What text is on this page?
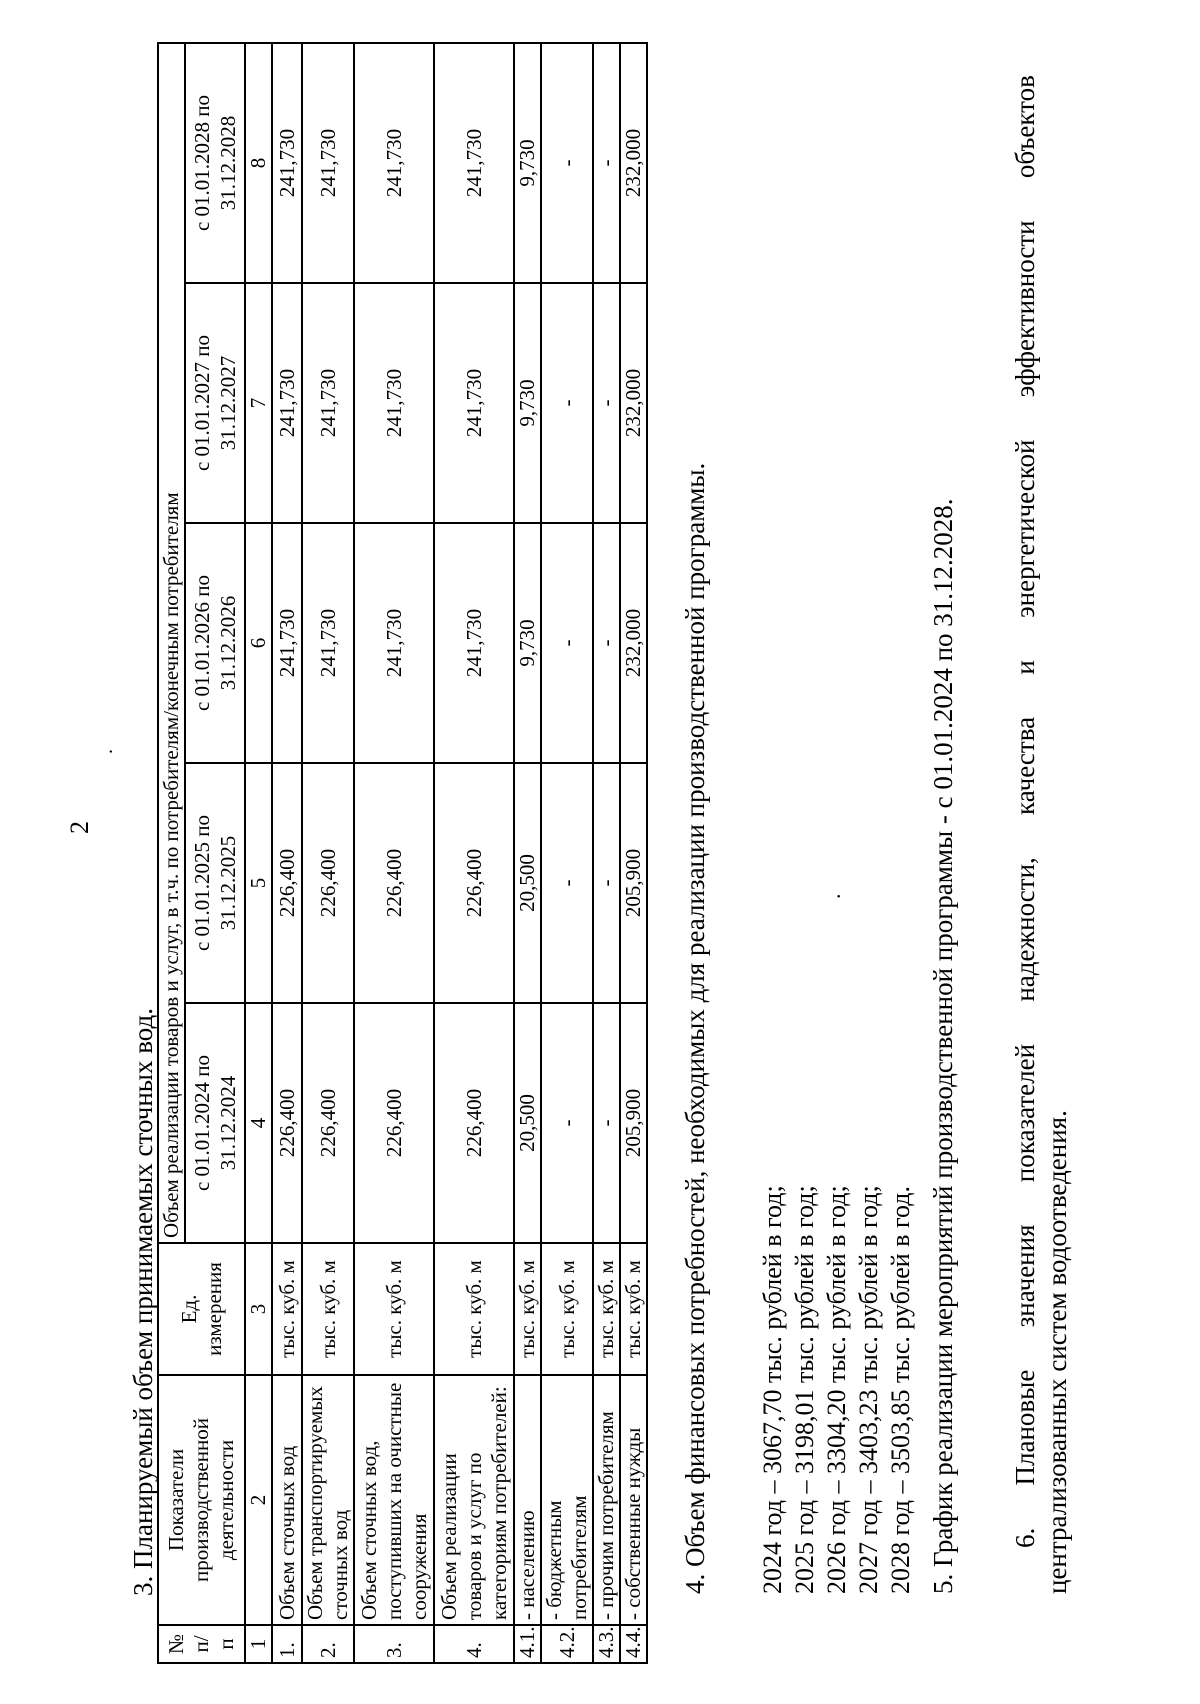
2
.
3. Планируемый объем принимаемых сточных вод.
№ п/п	Показатели производственной деятельности	Ед. измерения	Объем реализации товаров и услуг, в т.ч. по потребителям/конечным потребителям				
			с 01.01.2024 по 31.12.2024	с 01.01.2025 по 31.12.2025	с 01.01.2026 по 31.12.2026	с 01.01.2027 по 31.12.2027	с 01.01.2028 по 31.12.2028
1	2	3	4	5	6	7	8
1.	Объем сточных вод	тыс. куб. м	226,400	226,400	241,730	241,730	241,730
2.	Объем транспортируемых сточных вод	тыс. куб. м	226,400	226,400	241,730	241,730	241,730
3.	Объем сточных вод, поступивших на очистные сооружения	тыс. куб. м	226,400	226,400	241,730	241,730	241,730
4.	Объем реализации товаров и услуг по категориям потребителей:	тыс. куб. м	226,400	226,400	241,730	241,730	241,730
4.1.	- населению	тыс. куб. м	20,500	20,500	9,730	9,730	9,730
4.2.	- бюджетным потребителям	тыс. куб. м	-	-	-	-	-
4.3.	- прочим потребителям	тыс. куб. м	-	-	-	-	-
4.4.	- собственные нужды	тыс. куб. м	205,900	205,900	232,000	232,000	232,000
4. Объем финансовых потребностей, необходимых для реализации производственной программы. 2024 год – 3067,70 тыс. рублей в год; 2025 год – 3198,01 тыс. рублей в год; 2026 год – 3304,20 тыс. рублей в год; 2027 год – 3403,23 тыс. рублей в год; 2028 год – 3503,85 тыс. рублей в год.
.	5. График реализации мероприятий производственной программы - с 01.01.2024 по 31.12.2028. 6.
Плановые
значения
показателей
надежности,
качества
и
энергетической
эффективности
объектов
централизованных систем водоотведения.
